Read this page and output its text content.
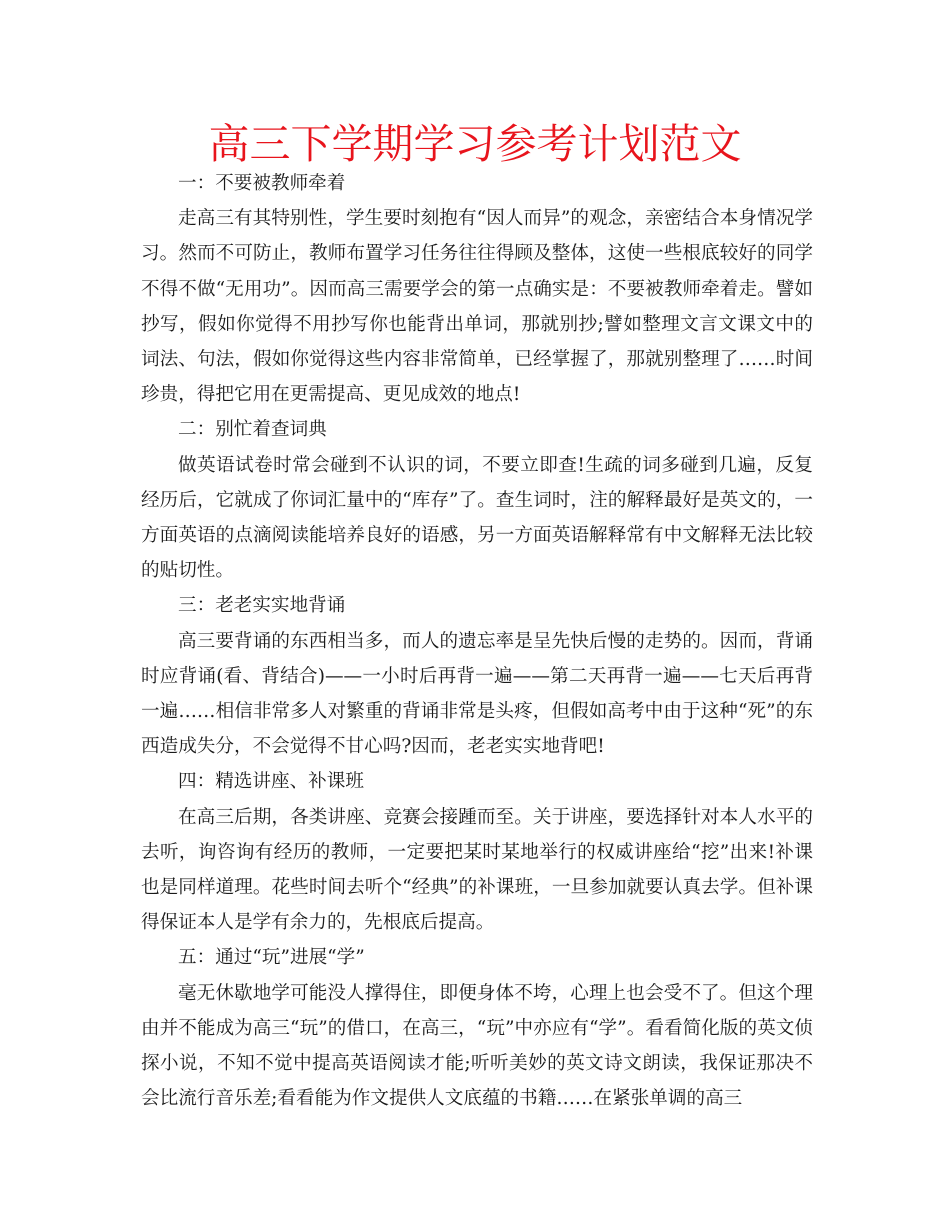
高三下学期学习参考计划范文

一：不要被教师牵着

走高三有其特别性，学生要时刻抱有“因人而异”的观念，亲密结合本身情况学习。然而不可防止，教师布置学习任务往往得顾及整体，这使一些根底较好的同学不得不做“无用功”。因而高三需要学会的第一点确实是：不要被教师牵着走。譬如抄写，假如你觉得不用抄写你也能背出单词，那就别抄;譬如整理文言文课文中的词法、句法，假如你觉得这些内容非常简单，已经掌握了，那就别整理了……时间珍贵，得把它用在更需提高、更见成效的地点!

二：别忙着查词典

做英语试卷时常会碰到不认识的词，不要立即查!生疏的词多碰到几遍，反复经历后，它就成了你词汇量中的“库存”了。查生词时，注的解释最好是英文的，一方面英语的点滴阅读能培养良好的语感，另一方面英语解释常有中文解释无法比较的贴切性。

三：老老实实地背诵

高三要背诵的东西相当多，而人的遗忘率是呈先快后慢的走势的。因而，背诵时应背诵(看、背结合)——一小时后再背一遍——第二天再背一遍——七天后再背一遍……相信非常多人对繁重的背诵非常是头疼，但假如高考中由于这种“死”的东西造成失分，不会觉得不甘心吗?因而，老老实实地背吧!

四：精选讲座、补课班

在高三后期，各类讲座、竞赛会接踵而至。关于讲座，要选择针对本人水平的去听，询咨询有经历的教师，一定要把某时某地举行的权威讲座给“挖”出来!补课也是同样道理。花些时间去听个“经典”的补课班，一旦参加就要认真去学。但补课得保证本人是学有余力的，先根底后提高。

五：通过“玩”进展“学”

毫无休歇地学可能没人撑得住，即便身体不垮，心理上也会受不了。但这个理由并不能成为高三“玩”的借口，在高三，“玩”中亦应有“学”。看看简化版的英文侦探小说，不知不觉中提高英语阅读才能;听听美妙的英文诗文朗读，我保证那决不会比流行音乐差;看看能为作文提供人文底蕴的书籍……在紧张单调的高三
